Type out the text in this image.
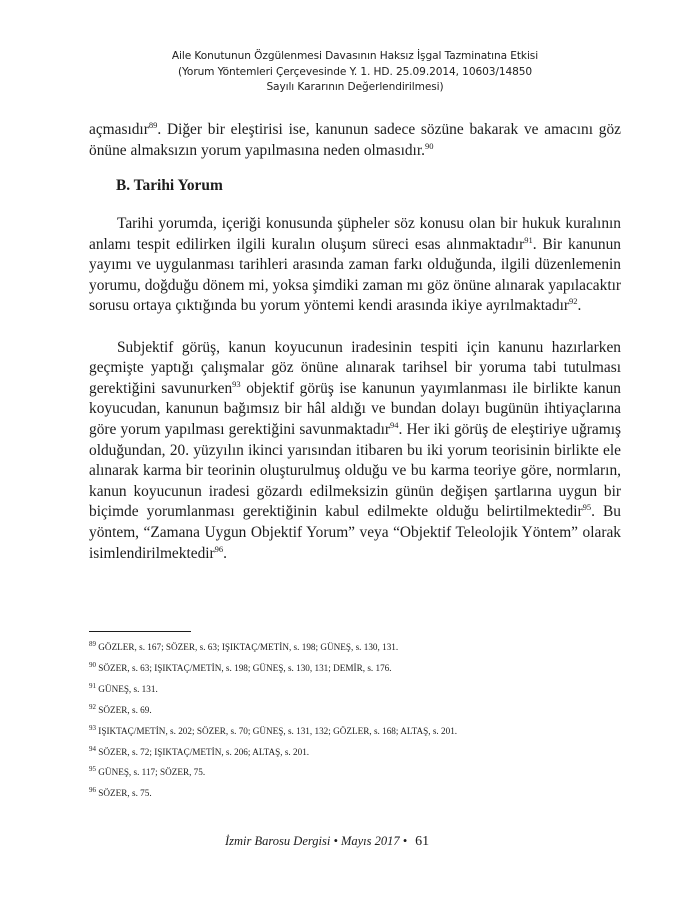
Aile Konutunun Özgülenmesi Davasının Haksız İşgal Tazminatına Etkisi
(Yorum Yöntemleri Çerçevesinde Y. 1. HD. 25.09.2014, 10603/14850
Sayılı Kararının Değerlendirilmesi)

açmasıdır$^{89}$. Diğer bir eleştirisi ise, kanunun sadece sözüne bakarak ve amacını göz önüne almaksızın yorum yapılmasına neden olmasıdır.$^{90}$

B. Tarihi Yorum

Tarihi yorumda, içeriği konusunda şüpheler söz konusu olan bir hukuk kuralının anlamı tespit edilirken ilgili kuralın oluşum süreci esas alınmaktadır$^{91}$. Bir kanunun yayımı ve uygulanması tarihleri arasında zaman farkı olduğunda, ilgili düzenlemenin yorumu, doğduğu dönem mi, yoksa şimdiki zaman mı göz önüne alınarak yapılacaktır sorusu ortaya çıktığında bu yorum yöntemi kendi arasında ikiye ayrılmaktadır$^{92}$.

Subjektif görüş, kanun koyucunun iradesinin tespiti için kanunu hazırlarken geçmişte yaptığı çalışmalar göz önüne alınarak tarihsel bir yoruma tabi tutulması gerektiğini savunurken$^{93}$ objektif görüş ise kanunun yayımlanması ile birlikte kanun koyucudan, kanunun bağımsız bir hâl aldığı ve bundan dolayı bugünün ihtiyaçlarına göre yorum yapılması gerektiğini savunmaktadır$^{94}$. Her iki görüş de eleştiriye uğramış olduğundan, 20. yüzyılın ikinci yarısından itibaren bu iki yorum teorisinin birlikte ele alınarak karma bir teorinin oluşturulmuş olduğu ve bu karma teoriye göre, normların, kanun koyucunun iradesi gözardı edilmeksizin günün değişen şartlarına uygun bir biçimde yorumlanması gerektiğinin kabul edilmekte olduğu belirtilmektedir$^{95}$. Bu yöntem, “Zamana Uygun Objektif Yorum” veya “Objektif Teleolojik Yöntem” olarak isimlendirilmektedir$^{96}$.

$^{89}$ GÖZLER, s. 167; SÖZER, s. 63; IŞIKTAÇ/METİN, s. 198; GÜNEŞ, s. 130, 131.
$^{90}$ SÖZER, s. 63; IŞIKTAÇ/METİN, s. 198; GÜNEŞ, s. 130, 131; DEMİR, s. 176.
$^{91}$ GÜNEŞ, s. 131.
$^{92}$ SÖZER, s. 69.
$^{93}$ IŞIKTAÇ/METİN, s. 202; SÖZER, s. 70; GÜNEŞ, s. 131, 132; GÖZLER, s. 168; ALTAŞ, s. 201.
$^{94}$ SÖZER, s. 72; IŞIKTAÇ/METİN, s. 206; ALTAŞ, s. 201.
$^{95}$ GÜNEŞ, s. 117; SÖZER, 75.
$^{96}$ SÖZER, s. 75.
İzmir Barosu Dergisi • Mayıs 2017 • 61
